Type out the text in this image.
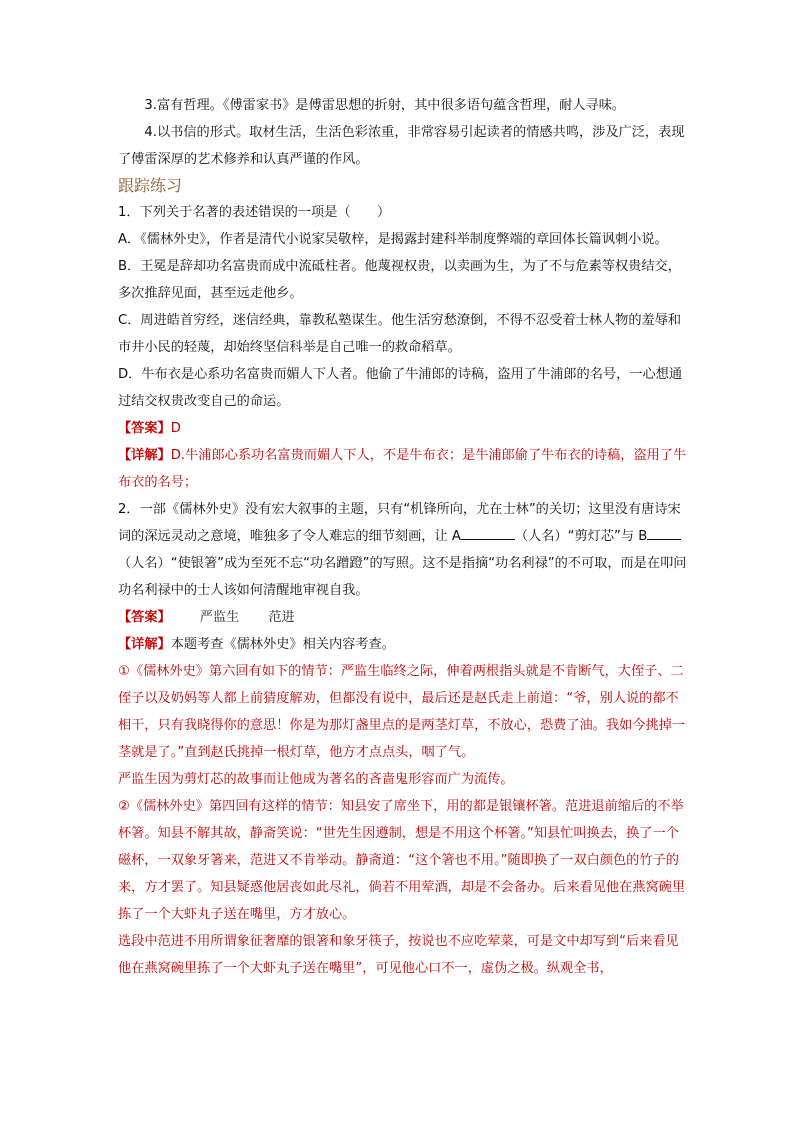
3.富有哲理。《傅雷家书》是傅雷思想的折射，其中很多语句蕴含哲理，耐人寻味。

4.以书信的形式。取材生活，生活色彩浓重，非常容易引起读者的情感共鸣，涉及广泛，表现了傅雷深厚的艺术修养和认真严谨的作风。

跟踪练习

1．下列关于名著的表述错误的一项是（　　）

A．《儒林外史》，作者是清代小说家吴敬梓，是揭露封建科举制度弊端的章回体长篇讽刺小说。

B．王冕是辞却功名富贵而成中流砥柱者。他蔑视权贵，以卖画为生，为了不与危素等权贵结交，多次推辞见面，甚至远走他乡。

C．周进皓首穷经，迷信经典，靠教私塾谋生。他生活穷愁潦倒，不得不忍受着士林人物的羞辱和市井小民的轻蔑，却始终坚信科举是自己唯一的救命稻草。

D．牛布衣是心系功名富贵而媚人下人者。他偷了牛浦郎的诗稿，盗用了牛浦郎的名号，一心想通过结交权贵改变自己的命运。

【答案】D

【详解】D.牛浦郎心系功名富贵而媚人下人，不是牛布衣；是牛浦郎偷了牛布衣的诗稿，盗用了牛布衣的名号；

2．一部《儒林外史》没有宏大叙事的主题，只有“机锋所向，尤在士林”的关切；这里没有唐诗宋词的深远灵动之意境，唯独多了令人难忘的细节刻画，让 A	（人名）“剪灯芯”与 B（人名）“使银箸”成为至死不忘“功名蹭蹬”的写照。这不是指摘“功名利禄”的不可取，而是在叩问功名利禄中的士人该如何清醒地审视自我。

【答案】 严监生 范进

【详解】本题考查《儒林外史》相关内容考查。

①《儒林外史》第六回有如下的情节：严监生临终之际，伸着两根指头就是不肯断气，大侄子、二侄子以及奶妈等人都上前猜度解劝，但都没有说中，最后还是赵氏走上前道：“爷，别人说的都不相干，只有我晓得你的意思！你是为那灯盏里点的是两茎灯草，不放心，恐费了油。我如今挑掉一茎就是了。”直到赵氏挑掉一根灯草，他方才点点头，咽了气。

严监生因为剪灯芯的故事而让他成为著名的吝啬鬼形容而广为流传。

②《儒林外史》第四回有这样的情节：知县安了席坐下，用的都是银镶杯箸。范进退前缩后的不举杯箸。知县不解其故，静斋笑说：“世先生因遵制，想是不用这个杯箸。”知县忙叫换去，换了一个磁杯，一双象牙箸来，范进又不肯举动。静斋道：“这个箸也不用。”随即换了一双白颜色的竹子的来，方才罢了。知县疑惑他居丧如此尽礼，倘若不用荤酒，却是不会备办。后来看见他在燕窝碗里拣了一个大虾丸子送在嘴里，方才放心。

选段中范进不用所谓象征奢靡的银箸和象牙筷子，按说也不应吃荤菜，可是文中却写到“后来看见他在燕窝碗里拣了一个大虾丸子送在嘴里”，可见他心口不一，虚伪之极。纵观全书，
